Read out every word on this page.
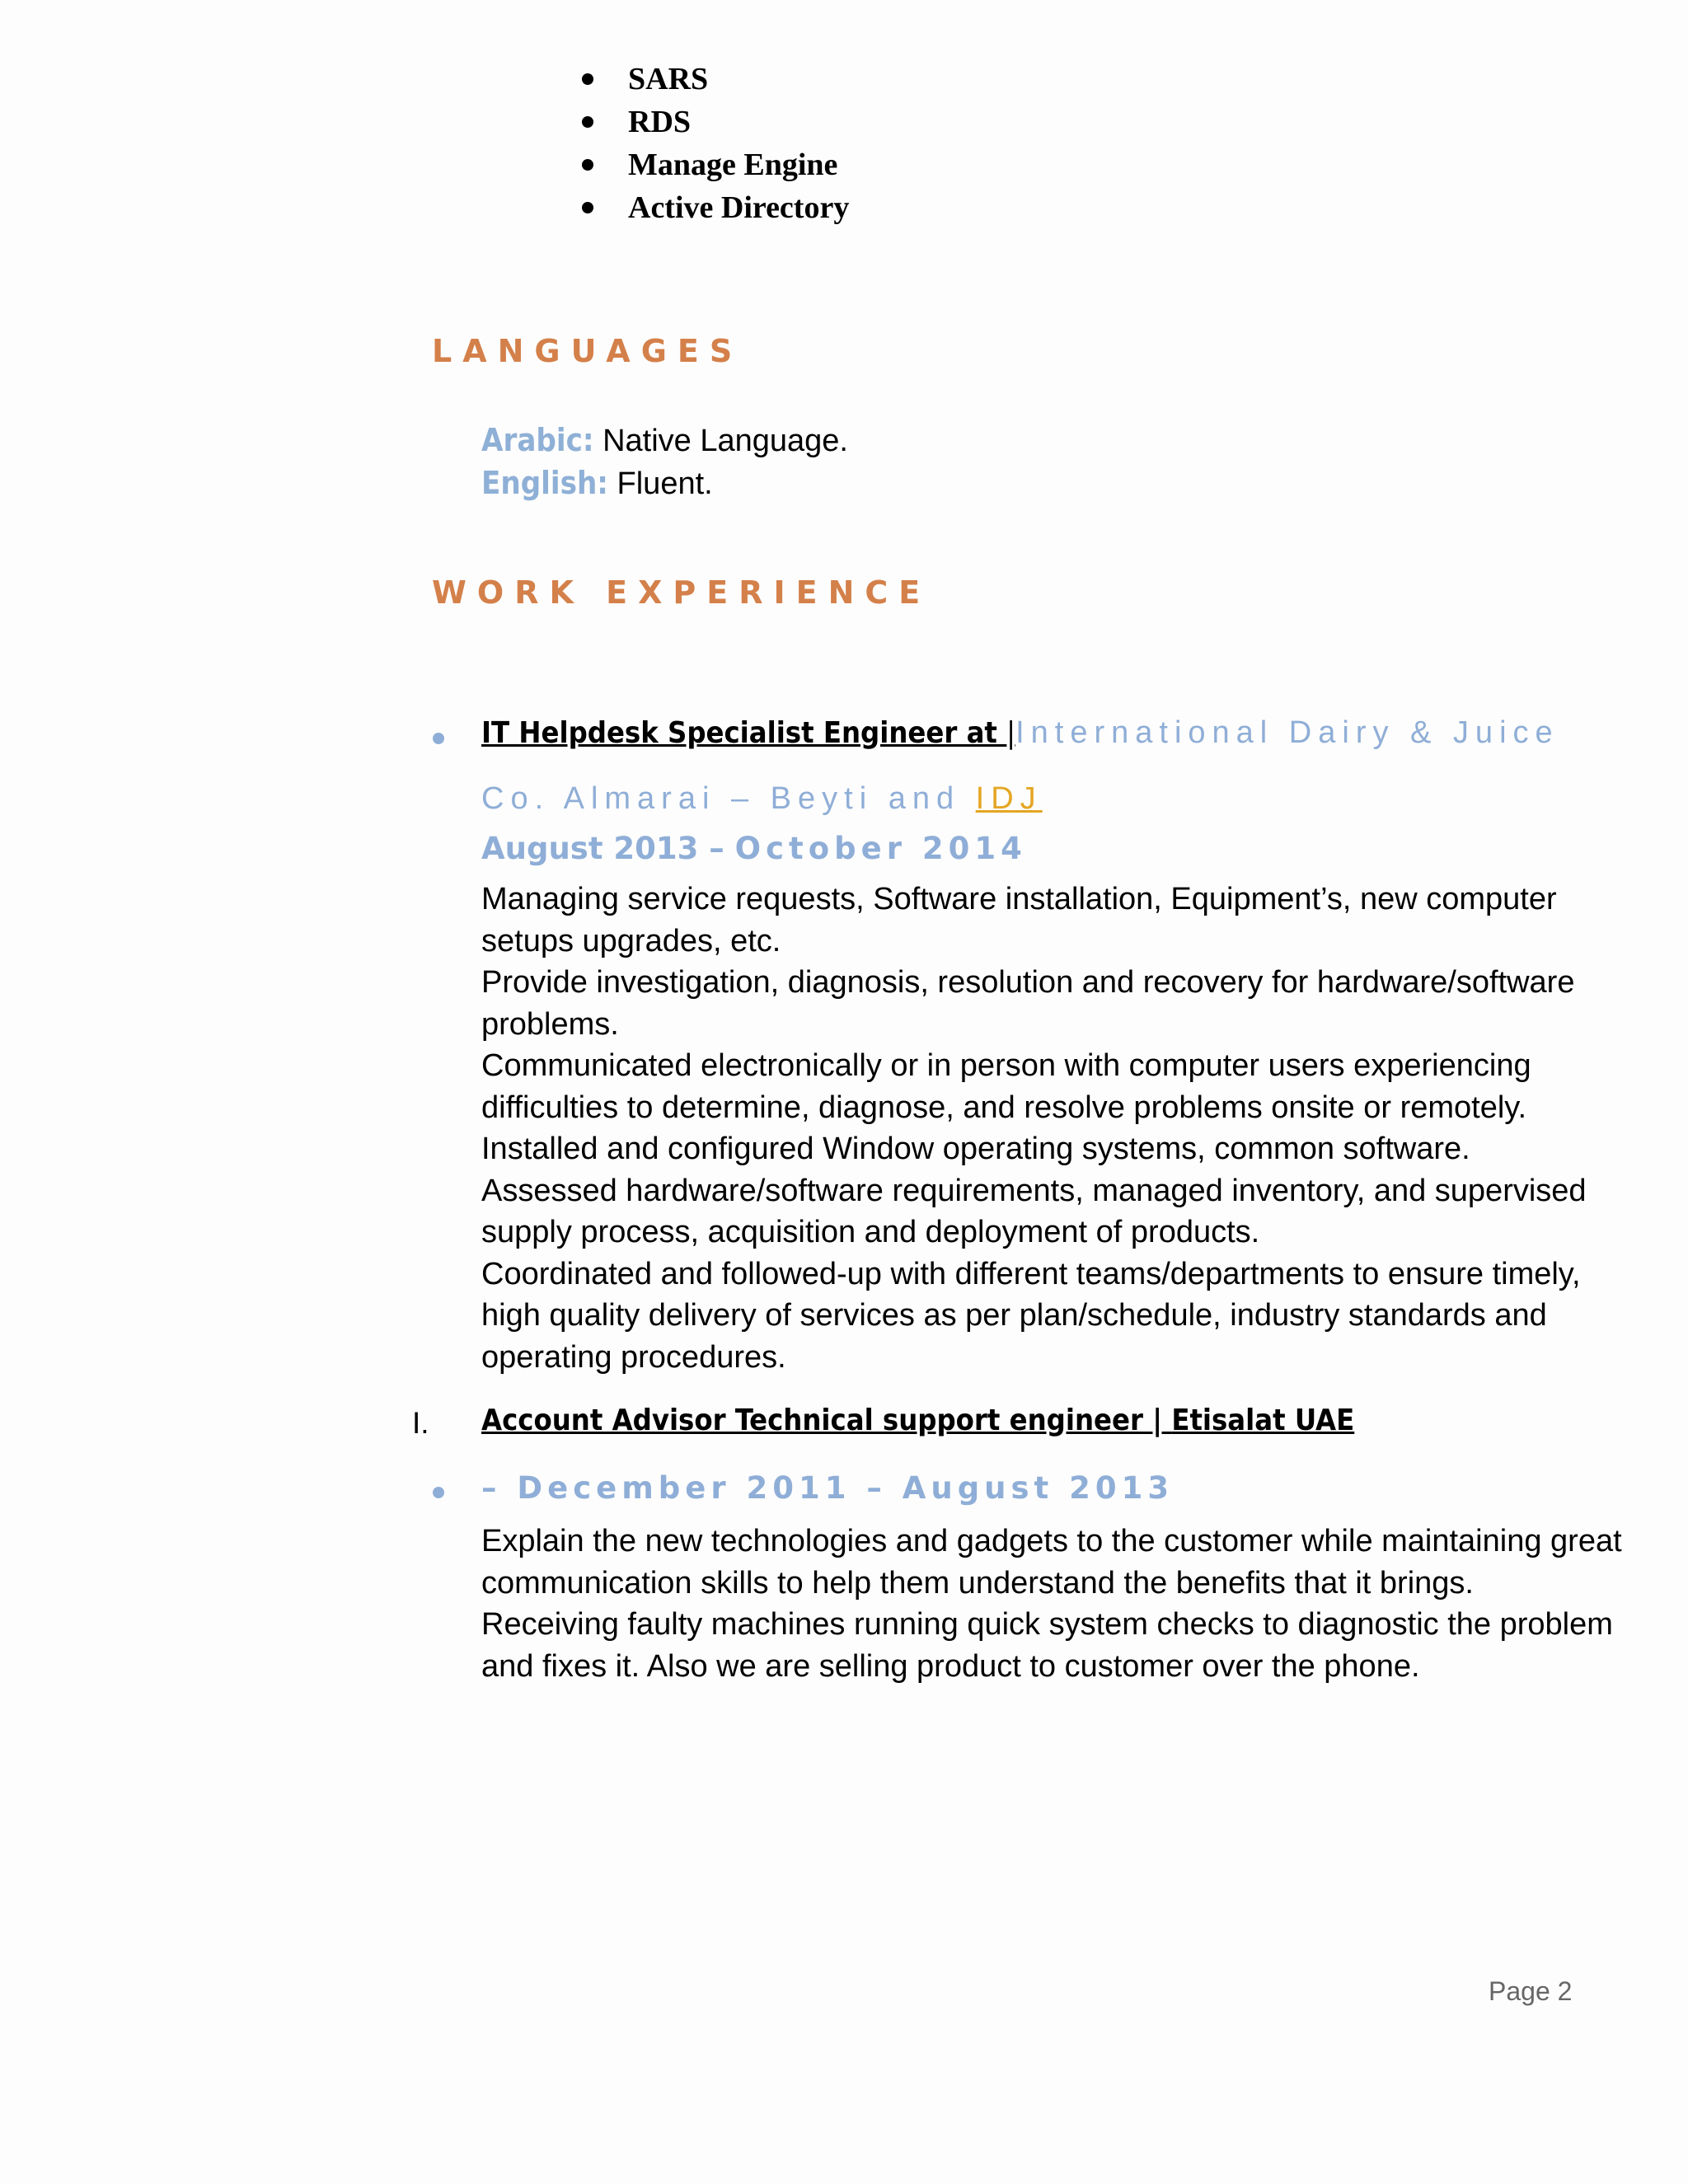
SARS
RDS
Manage Engine
Active Directory
LANGUAGES
Arabic: Native Language.
English: Fluent.
WORK EXPERIENCE
IT Helpdesk Specialist Engineer at |International Dairy & Juice
Co. Almarai – Beyti and IDJ
August 2013 – October 2014

Managing service requests, Software installation, Equipment’s, new computer setups upgrades, etc.

Provide investigation, diagnosis, resolution and recovery for hardware/software problems.

Communicated electronically or in person with computer users experiencing difficulties to determine, diagnose, and resolve problems onsite or remotely.

Installed and configured Window operating systems, common software.

Assessed hardware/software requirements, managed inventory, and supervised supply process, acquisition and deployment of products.

Coordinated and followed-up with different teams/departments to ensure timely, high quality delivery of services as per plan/schedule, industry standards and operating procedures.

I. Account Advisor Technical support engineer | Etisalat UAE
– December 2011 – August 2013

Explain the new technologies and gadgets to the customer while maintaining great communication skills to help them understand the benefits that it brings.

Receiving faulty machines running quick system checks to diagnostic the problem and fixes it. Also we are selling product to customer over the phone.

Page 2
